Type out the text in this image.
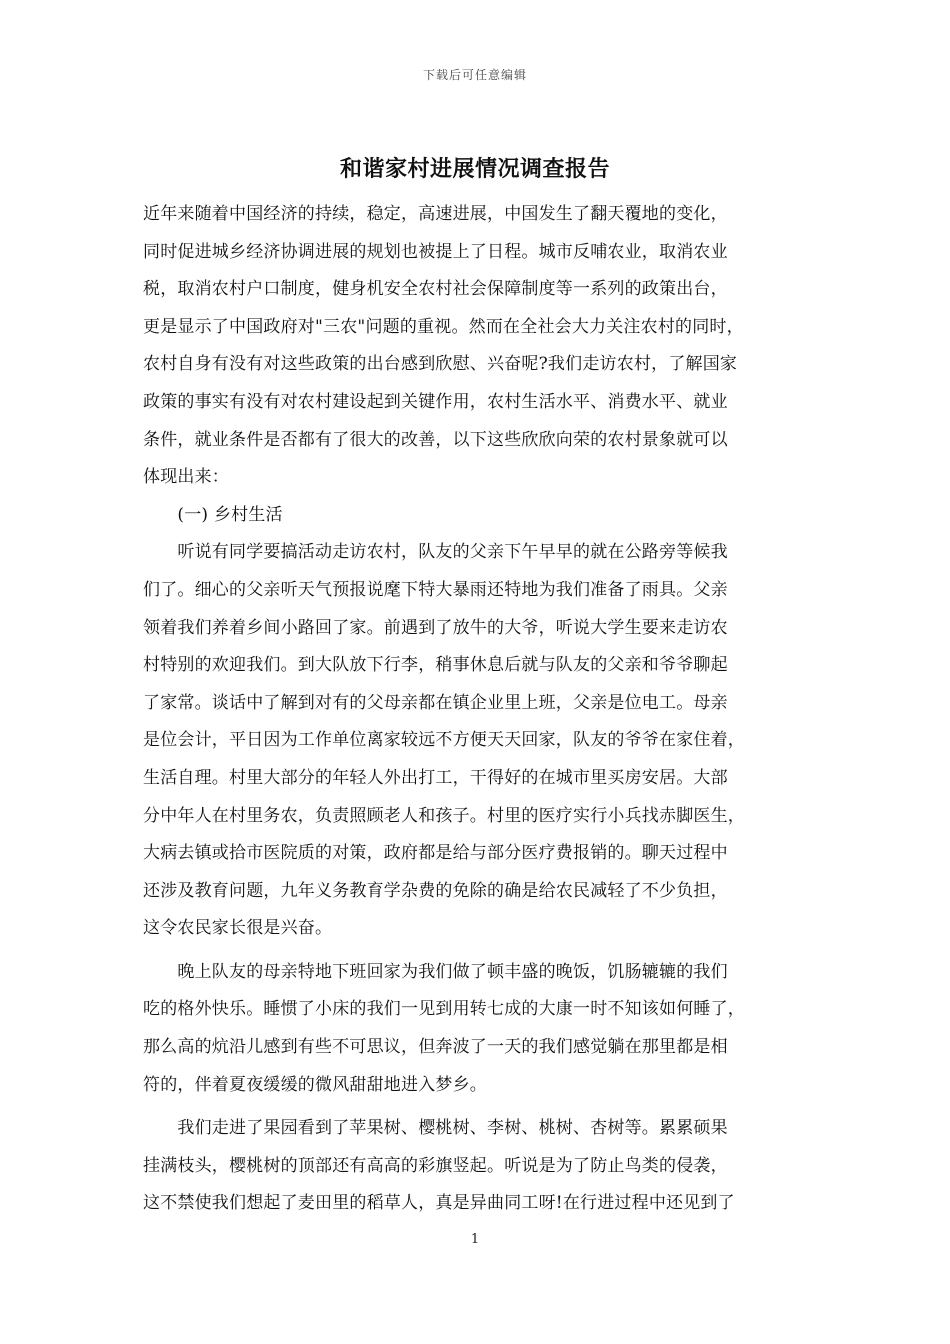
下载后可任意编辑
和谐家村进展情况调查报告
近年来随着中国经济的持续，稳定，高速进展，中国发生了翻天覆地的变化，
同时促进城乡经济协调进展的规划也被提上了日程。城市反哺农业，取消农业
税，取消农村户口制度，健身机安全农村社会保障制度等一系列的政策出台，
更是显示了中国政府对"三农"问题的重视。然而在全社会大力关注农村的同时，
农村自身有没有对这些政策的出台感到欣慰、兴奋呢?我们走访农村，了解国家
政策的事实有没有对农村建设起到关键作用，农村生活水平、消费水平、就业
条件，就业条件是否都有了很大的改善，以下这些欣欣向荣的农村景象就可以
体现出来：
　　(一) 乡村生活
　　听说有同学要搞活动走访农村，队友的父亲下午早早的就在公路旁等候我
们了。细心的父亲听天气预报说麾下特大暴雨还特地为我们准备了雨具。父亲
领着我们养着乡间小路回了家。前遇到了放牛的大爷，听说大学生要来走访农
村特别的欢迎我们。到大队放下行李，稍事休息后就与队友的父亲和爷爷聊起
了家常。谈话中了解到对有的父母亲都在镇企业里上班，父亲是位电工。母亲
是位会计，平日因为工作单位离家较远不方便天天回家，队友的爷爷在家住着，
生活自理。村里大部分的年轻人外出打工，干得好的在城市里买房安居。大部
分中年人在村里务农，负责照顾老人和孩子。村里的医疗实行小兵找赤脚医生，
大病去镇或拾市医院质的对策，政府都是给与部分医疗费报销的。聊天过程中
还涉及教育问题，九年义务教育学杂费的免除的确是给农民减轻了不少负担，
这令农民家长很是兴奋。
　　晚上队友的母亲特地下班回家为我们做了顿丰盛的晚饭，饥肠辘辘的我们
吃的格外快乐。睡惯了小床的我们一见到用转七成的大康一时不知该如何睡了，
那么高的炕沿儿感到有些不可思议，但奔波了一天的我们感觉躺在那里都是相
符的，伴着夏夜缓缓的微风甜甜地进入梦乡。
　　我们走进了果园看到了苹果树、樱桃树、李树、桃树、杏树等。累累硕果
挂满枝头，樱桃树的顶部还有高高的彩旗竖起。听说是为了防止鸟类的侵袭，
这不禁使我们想起了麦田里的稻草人，真是异曲同工呀!在行进过程中还见到了
1
